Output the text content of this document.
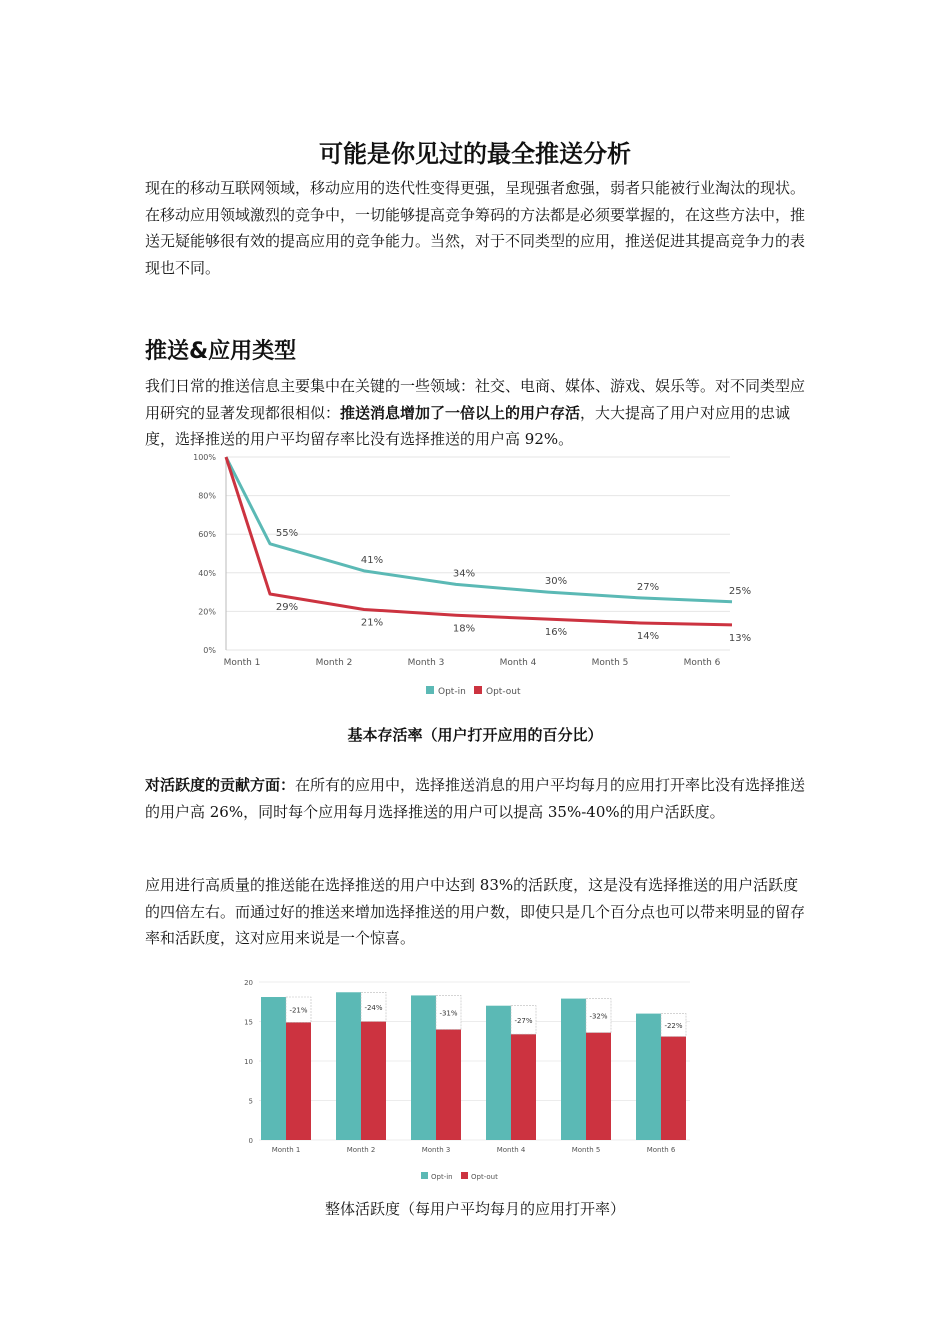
可能是你见过的最全推送分析
现在的移动互联网领域，移动应用的迭代性变得更强，呈现强者愈强，弱者只能被行业淘汰的现状。在移动应用领域激烈的竞争中，一切能够提高竞争筹码的方法都是必须要掌握的，在这些方法中，推送无疑能够很有效的提高应用的竞争能力。当然，对于不同类型的应用，推送促进其提高竞争力的表现也不同。
推送&应用类型
我们日常的推送信息主要集中在关键的一些领域：社交、电商、媒体、游戏、娱乐等。对不同类型应用研究的显著发现都很相似：推送消息增加了一倍以上的用户存活，大大提高了用户对应用的忠诚度，选择推送的用户平均留存率比没有选择推送的用户高 92%。
100%
80%
60%
40%
20%
0%
Month 1	Month 2	Month 3	Month 4	Month 5	Month 6
55%
41%
34%
30%
27%	25%
29%
21%
18%	16%	14%	13%
Opt-in Opt-out
基本存活率（用户打开应用的百分比）
对活跃度的贡献方面：在所有的应用中，选择推送消息的用户平均每月的应用打开率比没有选择推送的用户高 26%，同时每个应用每月选择推送的用户可以提高 35%-40%的用户活跃度。
应用进行高质量的推送能在选择推送的用户中达到 83%的活跃度，这是没有选择推送的用户活跃度的四倍左右。而通过好的推送来增加选择推送的用户数，即使只是几个百分点也可以带来明显的留存率和活跃度，这对应用来说是一个惊喜。
20
15
10
5
0
-21%
Month 1
-24%
Month 2
-31%
Month 3
-27%
Month 4
-32%
Month 5
-22%
Month 6
Opt-in	Opt-out
整体活跃度（每用户平均每月的应用打开率）
